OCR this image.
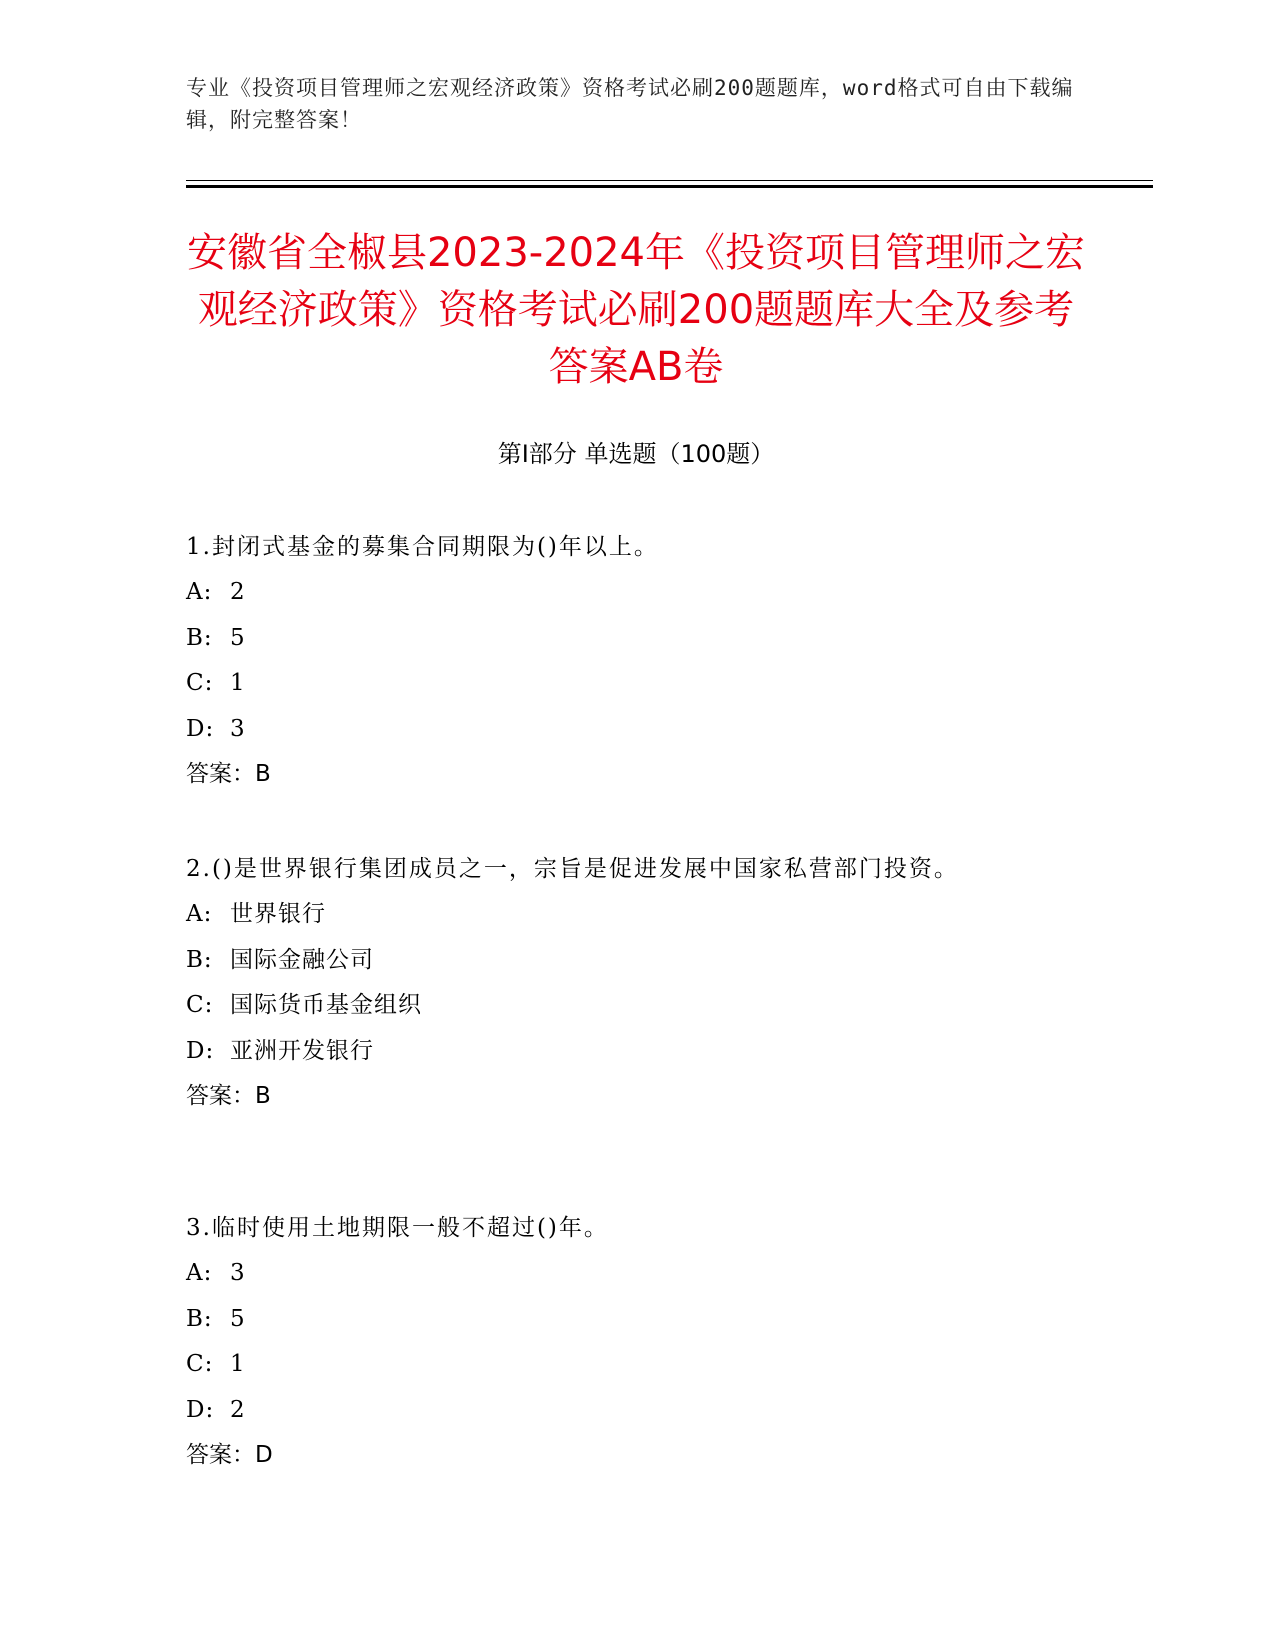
专业《投资项目管理师之宏观经济政策》资格考试必刷200题题库，word格式可自由下载编辑，附完整答案！
安徽省全椒县2023-2024年《投资项目管理师之宏观经济政策》资格考试必刷200题题库大全及参考答案AB卷
第Ⅰ部分 单选题（100题）
1.封闭式基金的募集合同期限为()年以上。
A: 2
B: 5
C: 1
D: 3
答案：B
2.()是世界银行集团成员之一，宗旨是促进发展中国家私营部门投资。
A: 世界银行
B: 国际金融公司
C: 国际货币基金组织
D: 亚洲开发银行
答案：B
3.临时使用土地期限一般不超过()年。
A: 3
B: 5
C: 1
D: 2
答案：D
